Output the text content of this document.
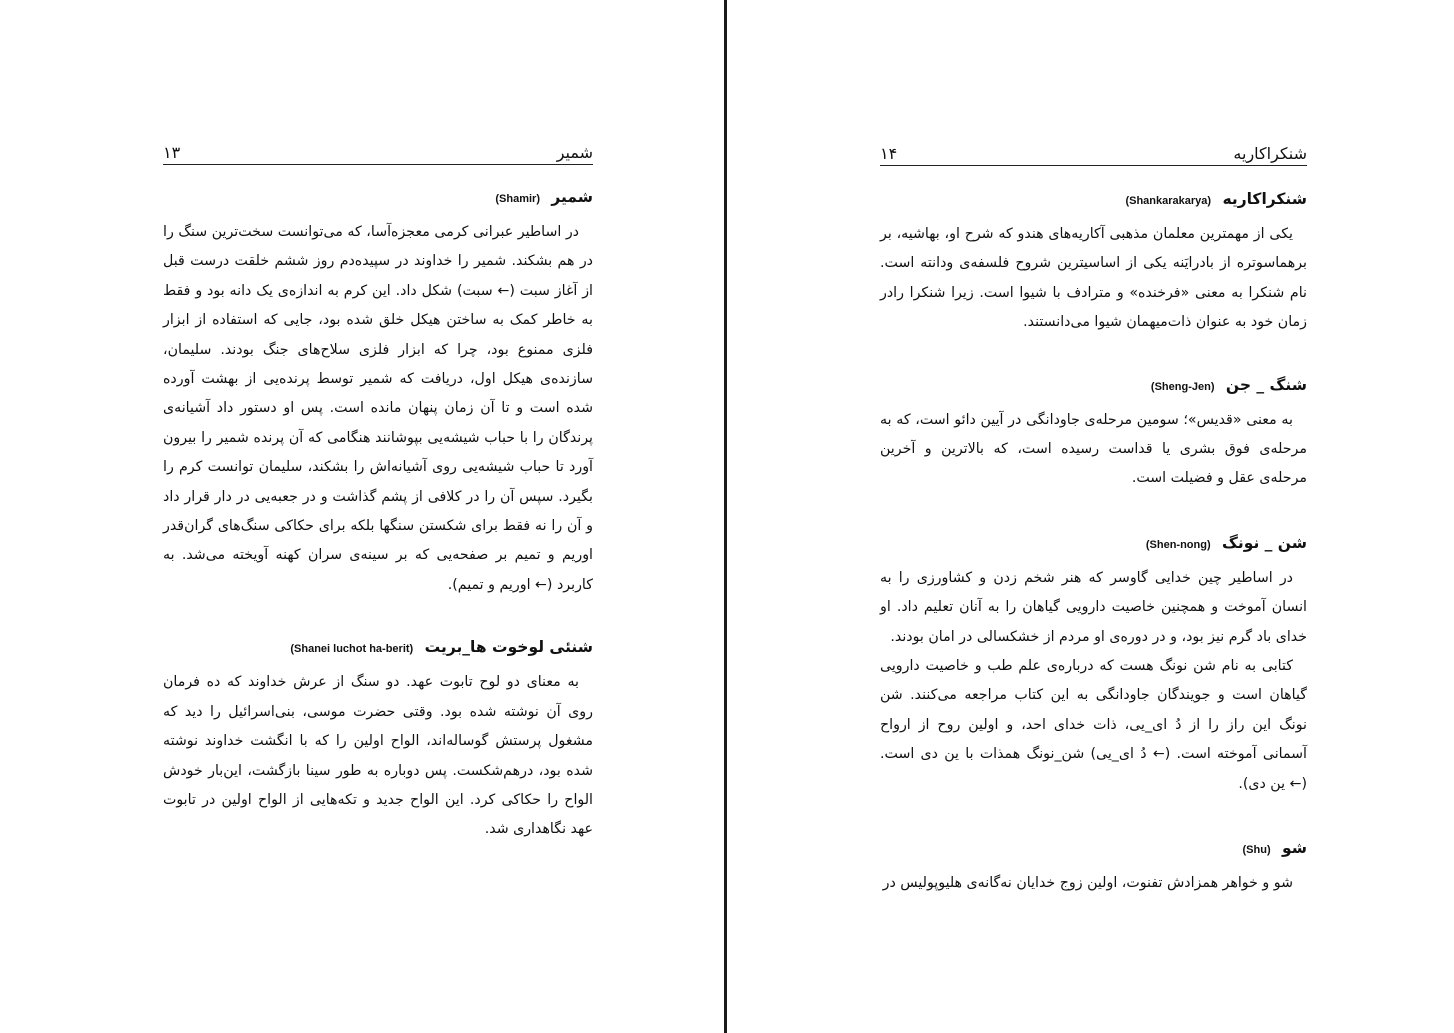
شمیر
۱۳
شمیر (Shamir)

در اساطیر عبرانی کرمی معجزه‌آسا، که می‌توانست سخت‌ترین سنگ را در هم بشکند. شمیر را خداوند در سپیده‌دم روز ششم خلقت درست قبل از آغاز سبت (← سبت) شکل داد. این کرم به اندازه‌ی یک دانه بود و فقط به خاطر کمک به ساختن هیکل خلق شده بود، جایی که استفاده از ابزار فلزی ممنوع بود، چرا که ابزار فلزی سلاح‌های جنگ بودند. سلیمان، سازنده‌ی هیکل اول، دریافت که شمیر توسط پرنده‌یی از بهشت آورده شده است و تا آن زمان پنهان مانده است. پس او دستور داد آشیانه‌ی پرندگان را با حباب شیشه‌یی بپوشانند هنگامی که آن پرنده شمیر را بیرون آورد تا حباب شیشه‌یی روی آشیانه‌اش را بشکند، سلیمان توانست کرم را بگیرد. سپس آن را در کلافی از پشم گذاشت و در جعبه‌یی در دار قرار داد و آن را نه فقط برای شکستن سنگها بلکه برای حکاکی سنگ‌های گران‌قدر اوریم و تمیم بر صفحه‌یی که بر سینه‌ی سران کهنه آویخته می‌شد. به کاربرد (← اوریم و تمیم).

شنئی لوخوت ها_بریت (Shanei luchot ha-berit)

به معنای دو لوح تابوت عهد. دو سنگ از عرش خداوند که ده فرمان روی آن نوشته شده بود. وقتی حضرت موسی، بنی‌اسرائیل را دید که مشغول پرستش گوساله‌اند، الواح اولین را که با انگشت خداوند نوشته شده بود، درهم‌شکست. پس دوباره به طور سینا بازگشت، این‌بار خودش الواح را حکاکی کرد. این الواح جدید و تکه‌هایی از الواح اولین در تابوت عهد نگاهداری شد.

شنکراکاریه
۱۴
شنکراکاریه (Shankarakarya)

یکی از مهمترین معلمان مذهبی آکاریه‌های هندو که شرح او، بهاشیه، بر برهماسوتره از بادرایَنه یکی از اساسیترین شروح فلسفه‌ی ودانته است. نام شنکرا به معنی «فرخنده» و مترادف با شیوا است. زیرا شنکرا رادر زمان خود به عنوان ذات‌میهمان شیوا می‌دانستند.

شنگ _ جن (Sheng-Jen)

به معنی «قدیس»؛ سومین مرحله‌ی جاودانگی در آیین دائو است، که به مرحله‌ی فوق بشری یا قداست رسیده است، که بالاترین و آخرین مرحله‌ی عقل و فضیلت است.

شن _ نونگ (Shen-nong)

در اساطیر چین خدایی گاوسر که هنر شخم زدن و کشاورزی را به انسان آموخت و همچنین خاصیت دارویی گیاهان را به آنان تعلیم داد. او خدای باد گرم نیز بود، و در دوره‌ی او مردم از خشکسالی در امان بودند.

کتابی به نام شن نونگ هست که درباره‌ی علم طب و خاصیت دارویی گیاهان است و جویندگان جاودانگی به این کتاب مراجعه می‌کنند. شن نونگ این راز را از دُ ای_یی، ذات خدای احد، و اولین روح از ارواح آسمانی آموخته است. (← دُ ای_یی) شن_نونگ همذات با ین دی است. (← ین دی).

شو (Shu)

شو و خواهر همزادش تفنوت، اولین زوج خدایان نه‌گانه‌ی هلیوپولیس در
